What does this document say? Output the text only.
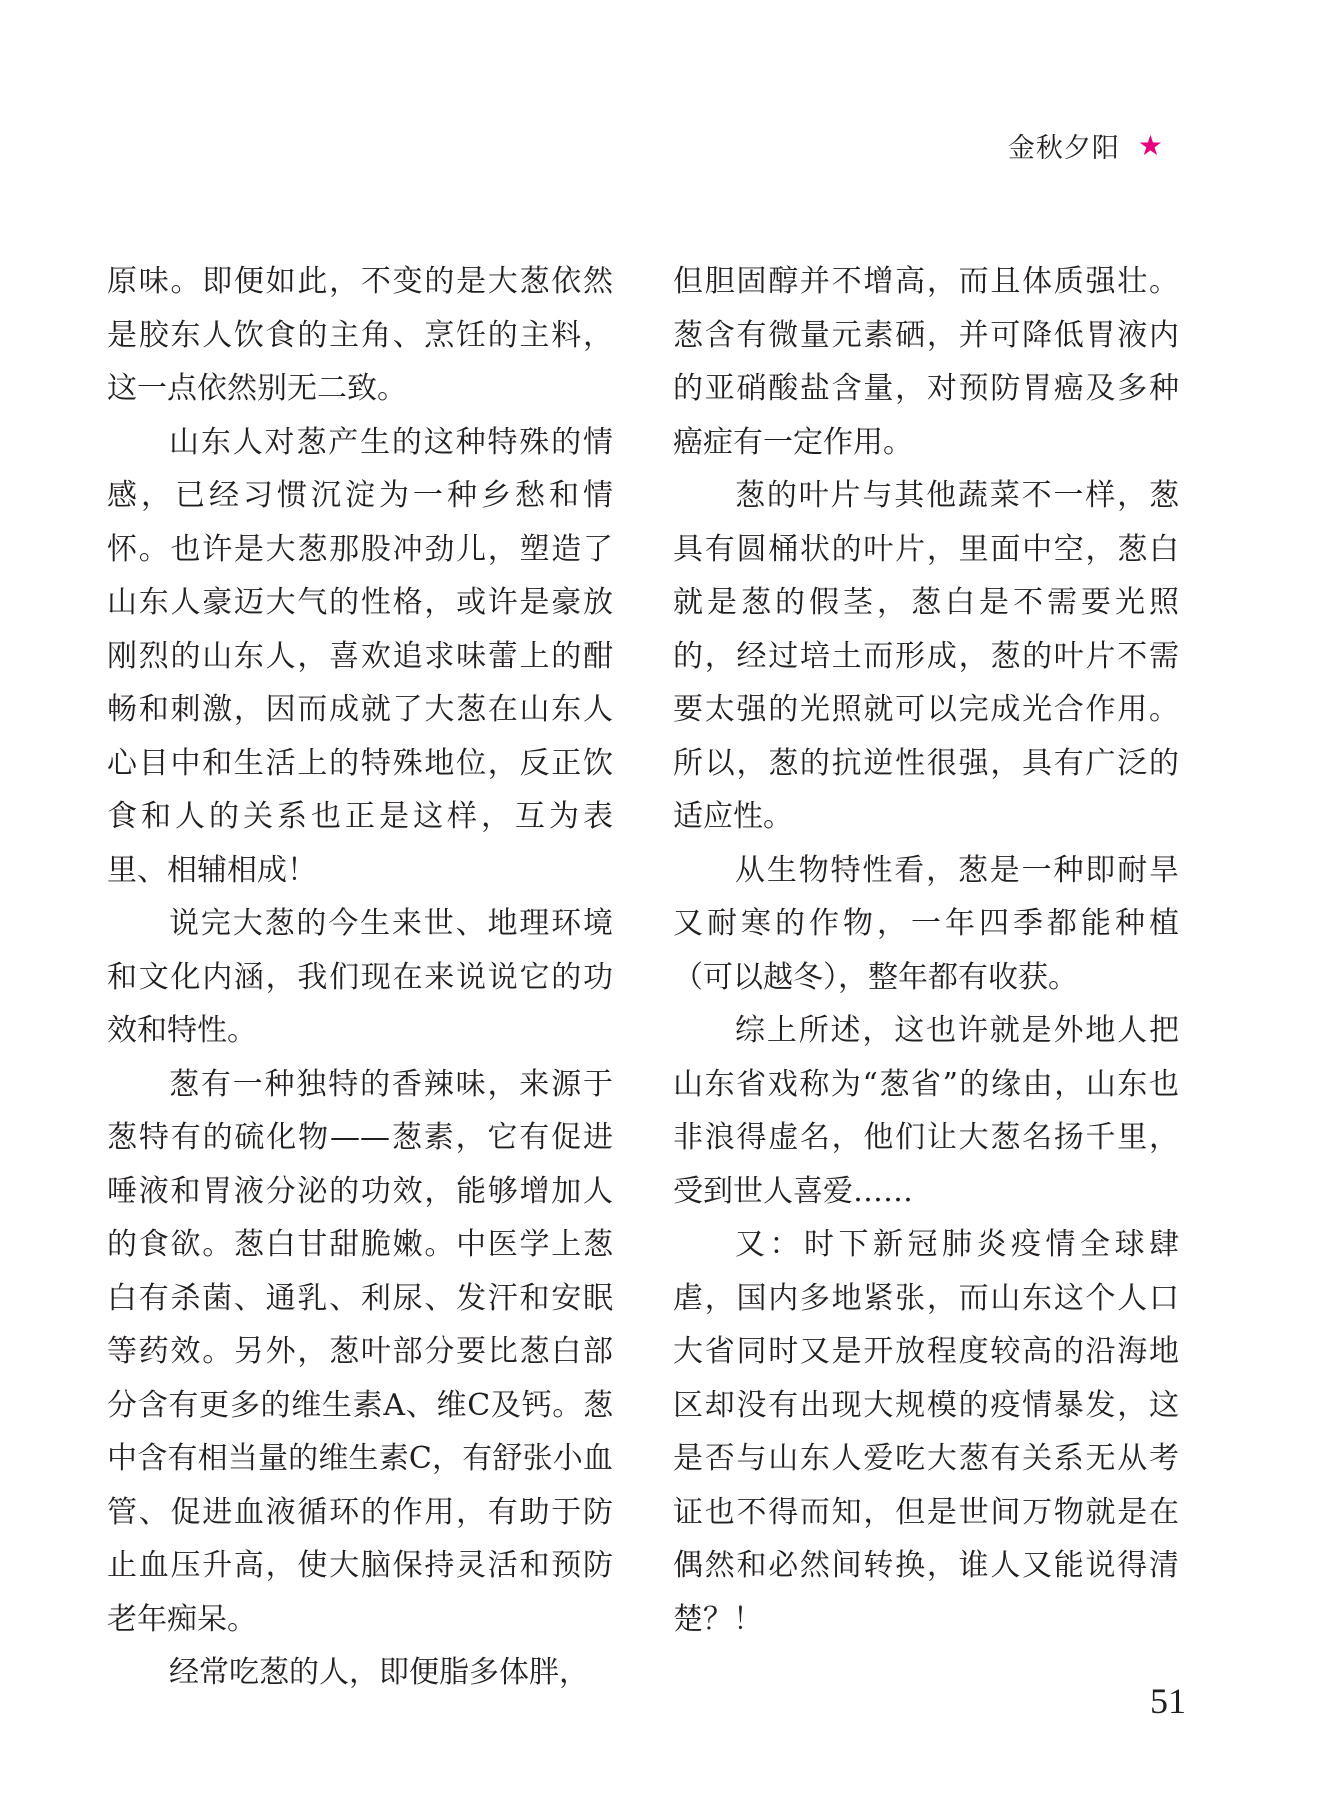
金秋夕阳 ★

原味。即便如此，不变的是大葱依然是胶东人饮食的主角、烹饪的主料，这一点依然别无二致。

山东人对葱产生的这种特殊的情感，已经习惯沉淀为一种乡愁和情怀。也许是大葱那股冲劲儿，塑造了山东人豪迈大气的性格，或许是豪放刚烈的山东人，喜欢追求味蕾上的酣畅和刺激，因而成就了大葱在山东人心目中和生活上的特殊地位，反正饮食和人的关系也正是这样，互为表里、相辅相成！

说完大葱的今生来世、地理环境和文化内涵，我们现在来说说它的功效和特性。

葱有一种独特的香辣味，来源于葱特有的硫化物——葱素，它有促进唾液和胃液分泌的功效，能够增加人的食欲。葱白甘甜脆嫩。中医学上葱白有杀菌、通乳、利尿、发汗和安眠等药效。另外，葱叶部分要比葱白部分含有更多的维生素A、维C及钙。葱中含有相当量的维生素C，有舒张小血管、促进血液循环的作用，有助于防止血压升高，使大脑保持灵活和预防老年痴呆。

经常吃葱的人，即便脂多体胖，

但胆固醇并不增高，而且体质强壮。葱含有微量元素硒，并可降低胃液内的亚硝酸盐含量，对预防胃癌及多种癌症有一定作用。

葱的叶片与其他蔬菜不一样，葱具有圆桶状的叶片，里面中空，葱白就是葱的假茎，葱白是不需要光照的，经过培土而形成，葱的叶片不需要太强的光照就可以完成光合作用。所以，葱的抗逆性很强，具有广泛的适应性。

从生物特性看，葱是一种即耐旱又耐寒的作物，一年四季都能种植（可以越冬），整年都有收获。

综上所述，这也许就是外地人把山东省戏称为“葱省”的缘由，山东也非浪得虚名，他们让大葱名扬千里，受到世人喜爱……

又：时下新冠肺炎疫情全球肆虐，国内多地紧张，而山东这个人口大省同时又是开放程度较高的沿海地区却没有出现大规模的疫情暴发，这是否与山东人爱吃大葱有关系无从考证也不得而知，但是世间万物就是在偶然和必然间转换，谁人又能说得清楚？！

51
